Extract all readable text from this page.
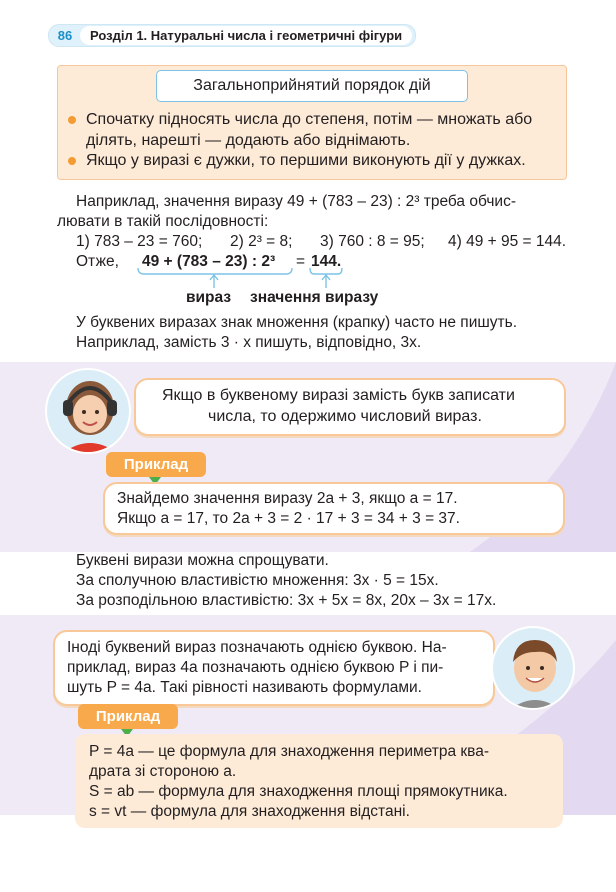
86	Розділ 1. Натуральні числа і геометричні фігури
Загальноприйнятий порядок дій
Спочатку підносять числа до степеня, потім — множать або
ділять, нарешті — додають або віднімають.
Якщо у виразі є дужки, то першими виконують дії у дужках.
Наприклад, значення виразу 49 + (783 – 23) : 2³ треба обчис-
лювати в такій послідовності:
1) 783 – 23 = 760; 2) 2³ = 8; 3) 760 : 8 = 95; 4) 49 + 95 = 144.
Отже, 49 + (783 – 23) : 2³ = 144.
вираз значення виразу
У буквених виразах знак множення (крапку) часто не пишуть.
Наприклад, замість 3 · x пишуть, відповідно, 3x.
Якщо в буквеному виразі замість букв записати
числа, то одержимо числовий вираз.
Приклад
Знайдемо значення виразу 2a + 3, якщо a = 17.
Якщо a = 17, то 2a + 3 = 2 · 17 + 3 = 34 + 3 = 37.
Буквені вирази можна спрощувати.
За сполучною властивістю множення: 3x · 5 = 15x.
За розподільною властивістю: 3x + 5x = 8x, 20x – 3x = 17x.
Іноді буквений вираз позначають однією буквою. На-
приклад, вираз 4a позначають однією буквою P і пи-
шуть P = 4a. Такі рівності називають формулами.
Приклад
P = 4a — це формула для знаходження периметра ква-
драта зі стороною a.
S = ab — формула для знаходження площі прямокутника.
s = vt — формула для знаходження відстані.
